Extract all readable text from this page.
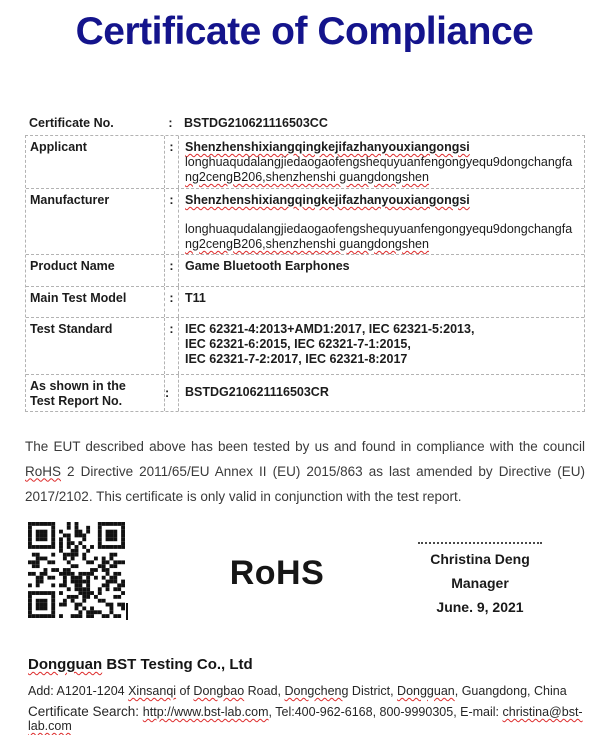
Certificate of Compliance
Certificate No.	: BSTDG210621116503CC
Applicant	: Shenzhenshixiangqingkejifazhanyouxiangongsi
longhuaqudalangjiedaogaofengshequyuanfengongyequ9dongchangfa
ng2cengB206,shenzhenshi guangdongshen
Manufacturer	: Shenzhenshixiangqingkejifazhanyouxiangongsi
longhuaqudalangjiedaogaofengshequyuanfengongyequ9dongchangfa
ng2cengB206,shenzhenshi guangdongshen
Product Name	: Game Bluetooth Earphones
Main Test Model	: T11
Test Standard	: IEC 62321-4:2013+AMD1:2017, IEC 62321-5:2013,
IEC 62321-6:2015, IEC 62321-7-1:2015,
IEC 62321-7-2:2017, IEC 62321-8:2017
As shown in the
Test Report No.
:	BSTDG210621116503CR

The EUT described above has been tested by us and found in compliance with the council RoHS 2 Directive 2011/65/EU Annex II (EU) 2015/863 as last amended by Directive (EU) 2017/2102. This certificate is only valid in conjunction with the test report.

RoHS	Christina Deng
Manager
June. 9, 2021
Dongguan BST Testing Co., Ltd
Add: A1201-1204 Xinsanqi of Dongbao Road, Dongcheng District, Dongguan, Guangdong, China
Certificate Search: http://www.bst-lab.com, Tel:400-962-6168, 800-9990305, E-mail: christina@bst-lab.com
